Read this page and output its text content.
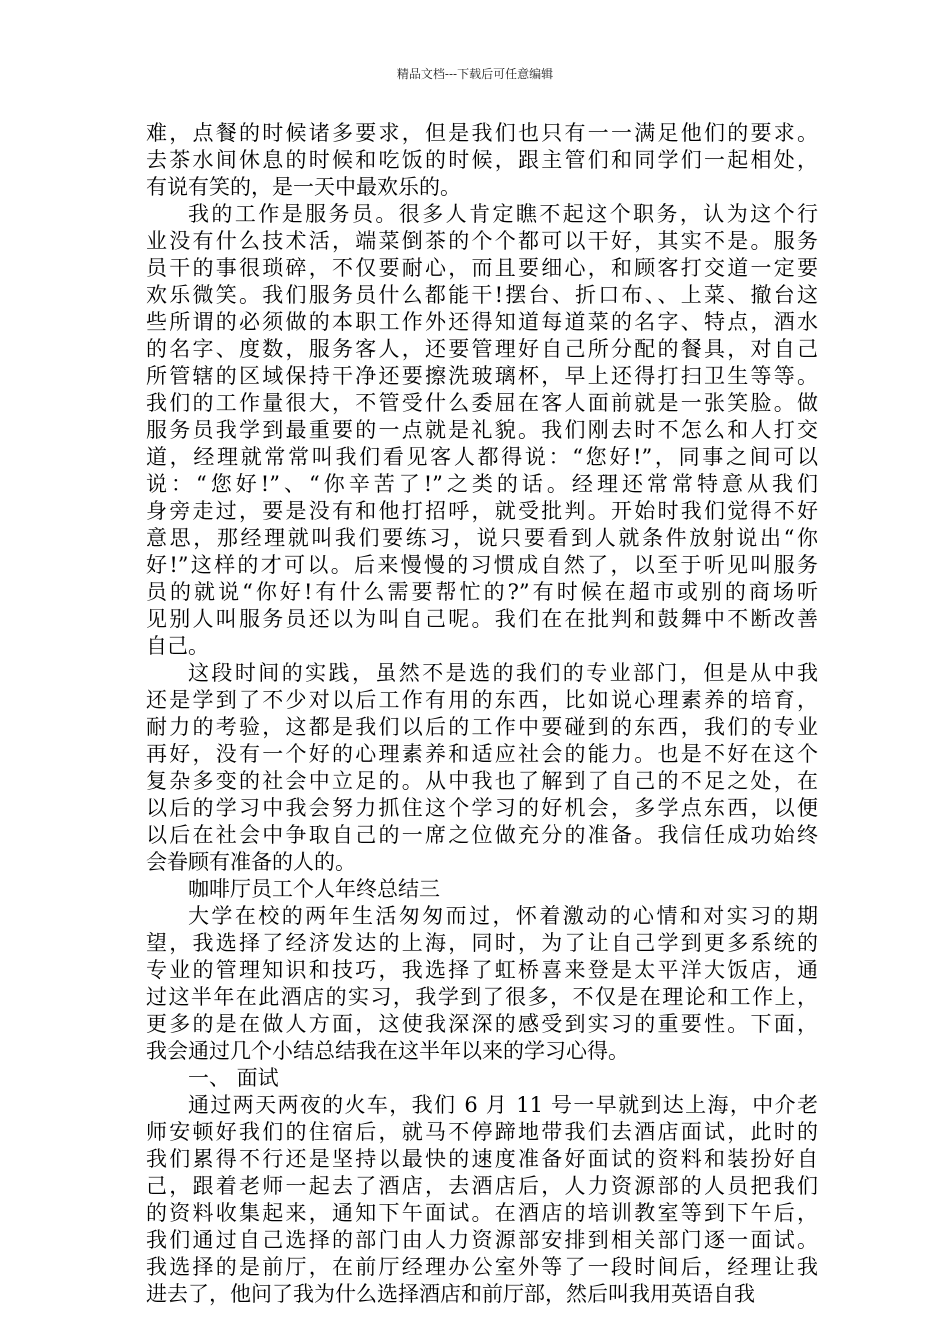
精品文档---下载后可任意编辑
难，点餐的时候诸多要求，但是我们也只有一一满足他们的要求。
去茶水间休息的时候和吃饭的时候，跟主管们和同学们一起相处，
有说有笑的，是一天中最欢乐的。
我的工作是服务员。很多人肯定瞧不起这个职务，认为这个行
业没有什么技术活，端菜倒茶的个个都可以干好，其实不是。服务
员干的事很琐碎，不仅要耐心，而且要细心，和顾客打交道一定要
欢乐微笑。我们服务员什么都能干!摆台、折口布、、上菜、撤台这
些所谓的必须做的本职工作外还得知道每道菜的名字、特点，酒水
的名字、度数，服务客人，还要管理好自己所分配的餐具，对自己
所管辖的区域保持干净还要擦洗玻璃杯，早上还得打扫卫生等等。
我们的工作量很大，不管受什么委屈在客人面前就是一张笑脸。做
服务员我学到最重要的一点就是礼貌。我们刚去时不怎么和人打交
道，经理就常常叫我们看见客人都得说：“您好!”，同事之间可以
说：“您好!”、“你辛苦了!”之类的话。经理还常常特意从我们
身旁走过，要是没有和他打招呼，就受批判。开始时我们觉得不好
意思，那经理就叫我们要练习，说只要看到人就条件放射说出“你
好!”这样的才可以。后来慢慢的习惯成自然了，以至于听见叫服务
员的就说“你好!有什么需要帮忙的?”有时候在超市或别的商场听
见别人叫服务员还以为叫自己呢。我们在在批判和鼓舞中不断改善
自己。
这段时间的实践，虽然不是选的我们的专业部门，但是从中我
还是学到了不少对以后工作有用的东西，比如说心理素养的培育，
耐力的考验，这都是我们以后的工作中要碰到的东西，我们的专业
再好，没有一个好的心理素养和适应社会的能力。也是不好在这个
复杂多变的社会中立足的。从中我也了解到了自己的不足之处，在
以后的学习中我会努力抓住这个学习的好机会，多学点东西，以便
以后在社会中争取自己的一席之位做充分的准备。我信任成功始终
会眷顾有准备的人的。
咖啡厅员工个人年终总结三
大学在校的两年生活匆匆而过，怀着激动的心情和对实习的期
望，我选择了经济发达的上海，同时，为了让自己学到更多系统的
专业的管理知识和技巧，我选择了虹桥喜来登是太平洋大饭店，通
过这半年在此酒店的实习，我学到了很多，不仅是在理论和工作上，
更多的是在做人方面，这使我深深的感受到实习的重要性。下面，
我会通过几个小结总结我在这半年以来的学习心得。
一、 面试
通过两天两夜的火车，我们 6 月 11 号一早就到达上海，中介老
师安顿好我们的住宿后，就马不停蹄地带我们去酒店面试，此时的
我们累得不行还是坚持以最快的速度准备好面试的资料和装扮好自
己，跟着老师一起去了酒店，去酒店后，人力资源部的人员把我们
的资料收集起来，通知下午面试。在酒店的培训教室等到下午后，
我们通过自己选择的部门由人力资源部安排到相关部门逐一面试。
我选择的是前厅，在前厅经理办公室外等了一段时间后，经理让我
进去了，他问了我为什么选择酒店和前厅部，然后叫我用英语自我
